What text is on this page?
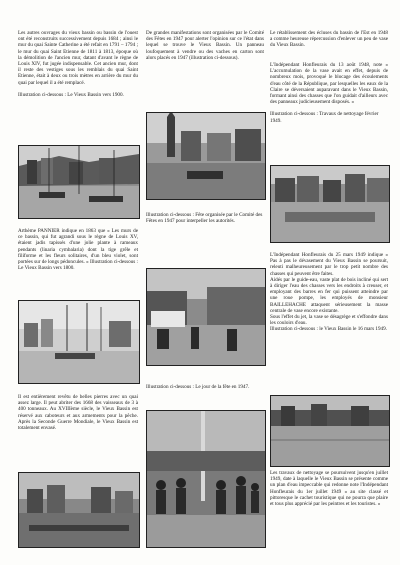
Les autres ouvrages du vieux bassin ou bassin de l'ouest ont été reconstruits successivement depuis 1684 ; ainsi le mur du quai Sainte Catherine a été refait en 1791 – 1794 ; le mur du quai Saint Etienne de 1811 à 1813, époque où la démolition de l'ancien mur, datant d'avant le règne de Louis XIV, fut jugée indispensable. Cet ancien mur, dont il reste des vestiges sous les remblais du quai Saint Etienne, était à deux ou trois mètres en arrière du mur du quai par lequel il a été remplacé.
Illustration ci-dessous : Le Vieux Bassin vers 1900.
Arthème PANNIER indique en 1863 que « Les murs de ce bassin, qui fut agrandi sous le règne de Louis XV, étaient jadis tapissés d'une jolie plante à rameaux pendants (linaria cymbalaria) dont la tige grêle et filiforme et les fleurs solitaires, d'un bleu violet, sont portées sur de longs pédoncules. » Illustration ci-dessous : Le Vieux Bassin vers 1800.
Il est entièrement revêtu de belles pierres avec un quai assez large. Il peut abriter des 1668 des vaisseaux de 3 à 400 tonneaux. Au XVIIIème siècle, le Vieux Bassin est réservé aux caboteurs et aux armements pour la pêche. Après la Seconde Guerre Mondiale, le Vieux Bassin est totalement envasé.
De grandes manifestations sont organisées par le Comité des Fêtes en 1947 pour alerter l'opinion sur ce l'état dans lequel se trouve le Vieux Bassin. Un panneau loufoquement à vendre ou des vaches en carton sont alors placés en 1947 (illustration ci-dessous).
Illustration ci-dessous : Fête organisée par le Comité des Fêtes en 1947 pour interpeller les autorités.
Illustration ci-dessous : Le jour de la fête en 1947.
Le rétablissement des écluses du bassin de l'Est en 1948 a comme heureuse répercussion d'enlever un peu de vase du Vieux Bassin.
L'Indépendant Honfleurais du 13 août 1948, note « L'accumulation de la vase avait en effet, depuis de nombreux mois, provoqué le blocage des écoulements d'eau côté de la République, par lesquelles les eaux de la Claire se déversaient auparavant dans le Vieux Bassin, formant ainsi des chasses que l'on guidait d'ailleurs avec des panneaux judicieusement disposés. »
Illustration ci-dessous : Travaux de nettoyage février 1949.
L'Indépendant Honfleurais du 25 mars 1949 indique « Pas à pas le dévasement du Vieux Bassin se poursuit, releuti malheureusement par le trop petit nombre des chasses qui peuvent être faites.
Aidés par le guide-eau, vaste plat de bois incliné qui sert à diriger l'eau des chasses vers les endroits à creuser, et employant des barres en fer qui puissent atteindre par une roue pompe, les employés de monsieur BAILLEHACHE attaquent sérieusement la masse centrale de vase encore existante.
Sous l'effet du jet, la vase se désagrège et s'effondre dans les couloirs d'eau.
Illustration ci-dessous : le Vieux Bassin le 16 mars 1949.
Les travaux de nettoyage se poursuivent jusqu'en juillet 1949, date à laquelle le Vieux Bassin se présente comme un plan d'eau impeccable qui redonne note l'Indépendant Honfleurais du 1er juillet 1949 « au site classé et pittoresque le cachet touristique qui ne pourra que plaire et tous plus apprécié par les peintres et les touristes. »
